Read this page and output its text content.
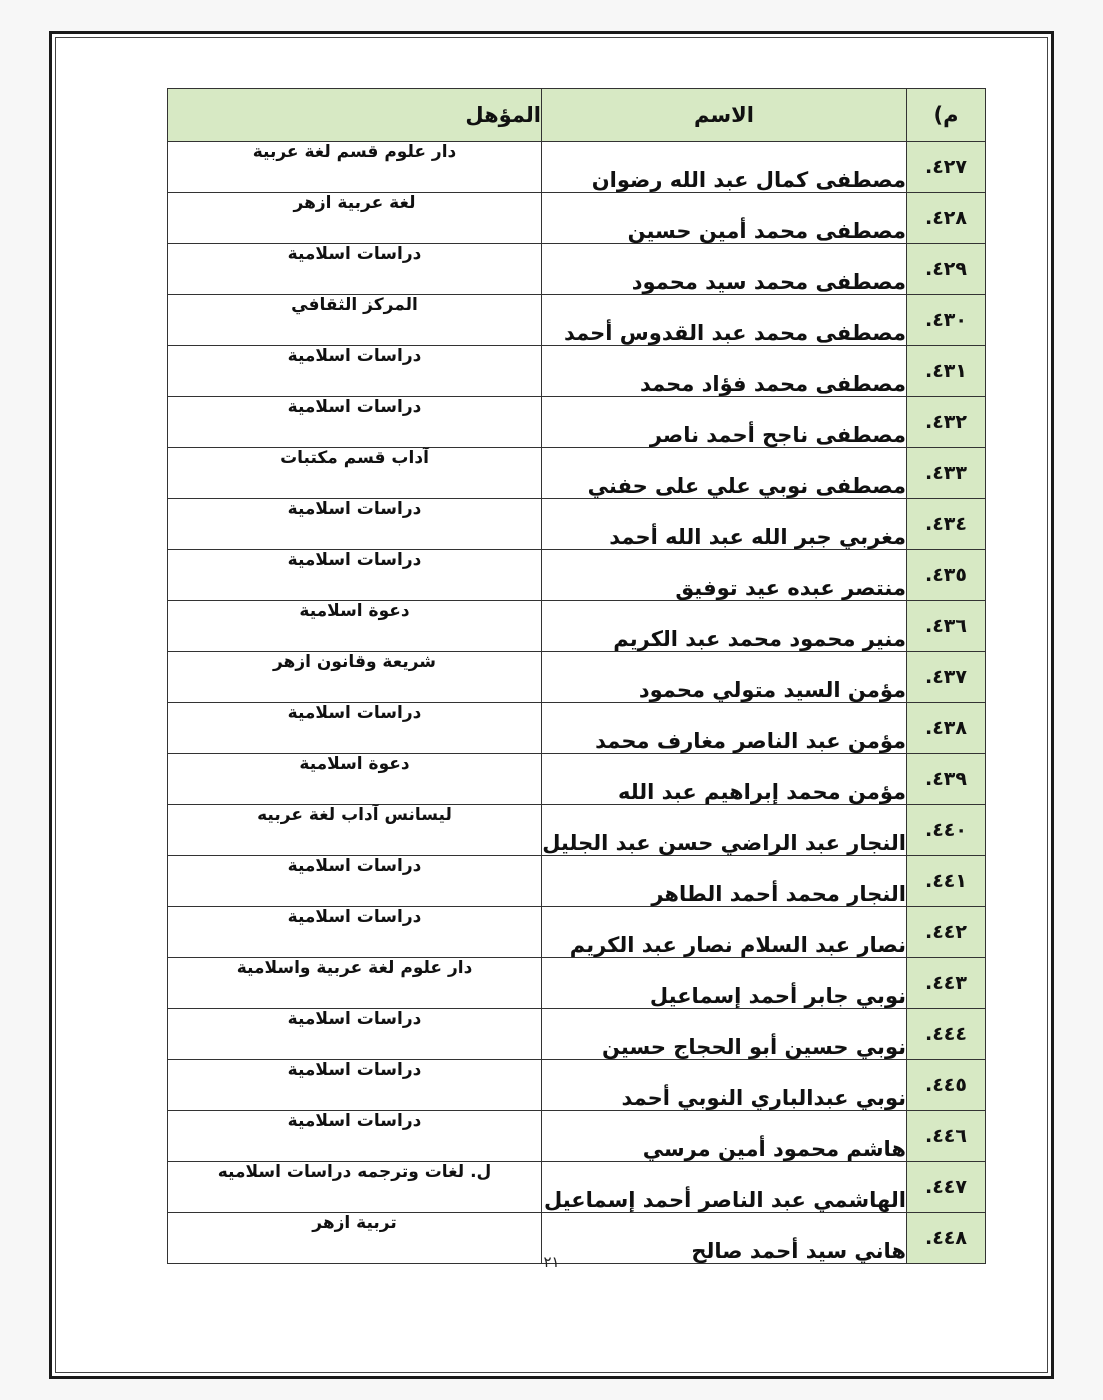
م)	الاسم	المؤهل
٤٢٧.	مصطفى كمال عبد الله رضوان	دار علوم قسم لغة عربية
٤٢٨.	مصطفى محمد أمين حسين	لغة عربية ازهر
٤٢٩.	مصطفى محمد سيد محمود	دراسات اسلامية
٤٣٠.	مصطفى محمد عبد القدوس أحمد	المركز الثقافي
٤٣١.	مصطفى محمد فؤاد محمد	دراسات اسلامية
٤٣٢.	مصطفى ناجح أحمد ناصر	دراسات اسلامية
٤٣٣.	مصطفى نوبي علي على حفني	آداب قسم مكتبات
٤٣٤.	مغربي جبر الله عبد الله أحمد	دراسات اسلامية
٤٣٥.	منتصر عبده عيد توفيق	دراسات اسلامية
٤٣٦.	منير محمود محمد عبد الكريم	دعوة اسلامية
٤٣٧.	مؤمن السيد متولي محمود	شريعة وقانون ازهر
٤٣٨.	مؤمن عبد الناصر مغارف محمد	دراسات اسلامية
٤٣٩.	مؤمن محمد إبراهيم عبد الله	دعوة اسلامية
٤٤٠.	النجار عبد الراضي حسن عبد الجليل	ليسانس آداب لغة عربيه
٤٤١.	النجار محمد أحمد الطاهر	دراسات اسلامية
٤٤٢.	نصار عبد السلام نصار عبد الكريم	دراسات اسلامية
٤٤٣.	نوبي جابر أحمد إسماعيل	دار علوم لغة عربية واسلامية
٤٤٤.	نوبي حسين أبو الحجاج حسين	دراسات اسلامية
٤٤٥.	نوبي عبدالباري النوبي أحمد	دراسات اسلامية
٤٤٦.	هاشم محمود أمين مرسي	دراسات اسلامية
٤٤٧.	الهاشمي عبد الناصر أحمد إسماعيل	ل. لغات وترجمه دراسات اسلاميه
٤٤٨.	هاني سيد أحمد صالح	تربية ازهر
٢١
